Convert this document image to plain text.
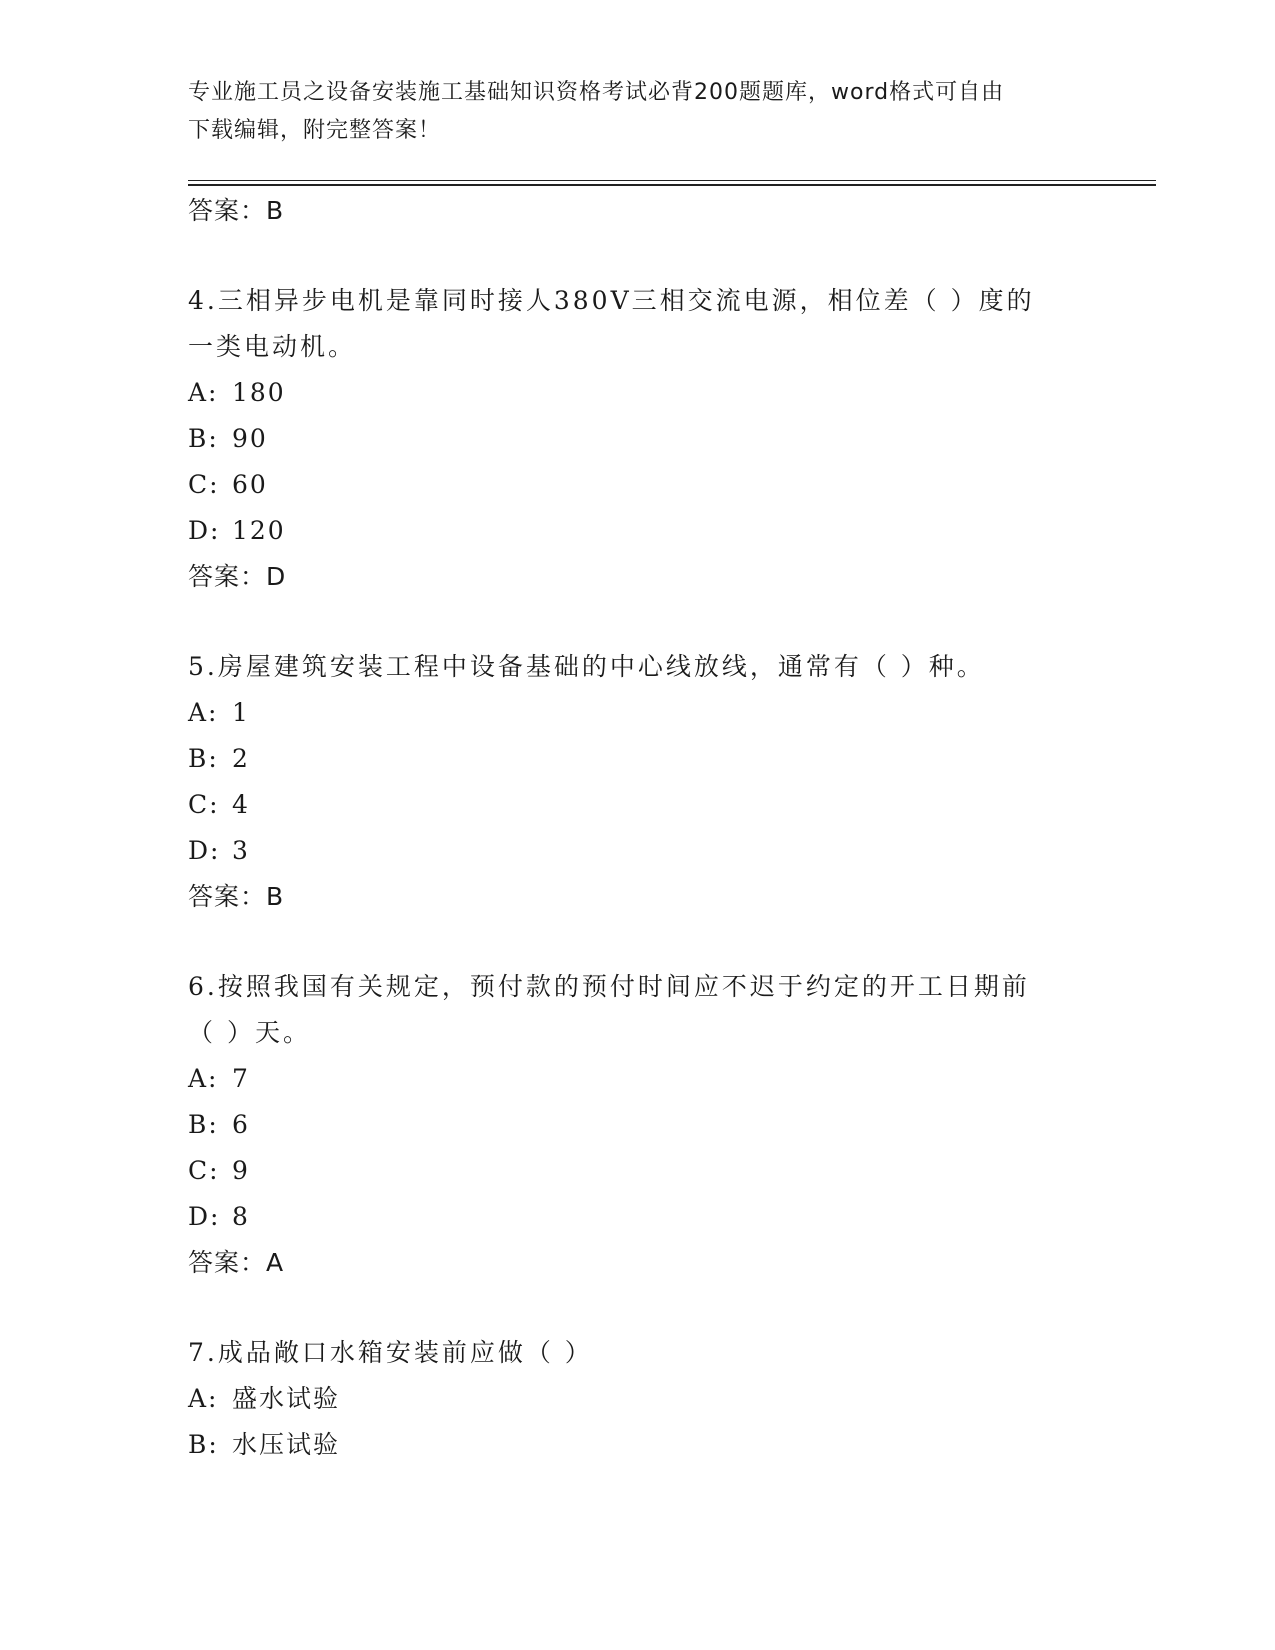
专业施工员之设备安装施工基础知识资格考试必背200题题库，word格式可自由
下载编辑，附完整答案！
答案：B
4.三相异步电机是靠同时接人380V三相交流电源，相位差（ ）度的
一类电动机。
A: 180
B: 90
C: 60
D: 120
答案：D
5.房屋建筑安装工程中设备基础的中心线放线，通常有（ ）种。
A: 1
B: 2
C: 4
D: 3
答案：B
6.按照我国有关规定，预付款的预付时间应不迟于约定的开工日期前
（ ）天。
A: 7
B: 6
C: 9
D: 8
答案：A
7.成品敞口水箱安装前应做（ ）
A: 盛水试验
B: 水压试验
